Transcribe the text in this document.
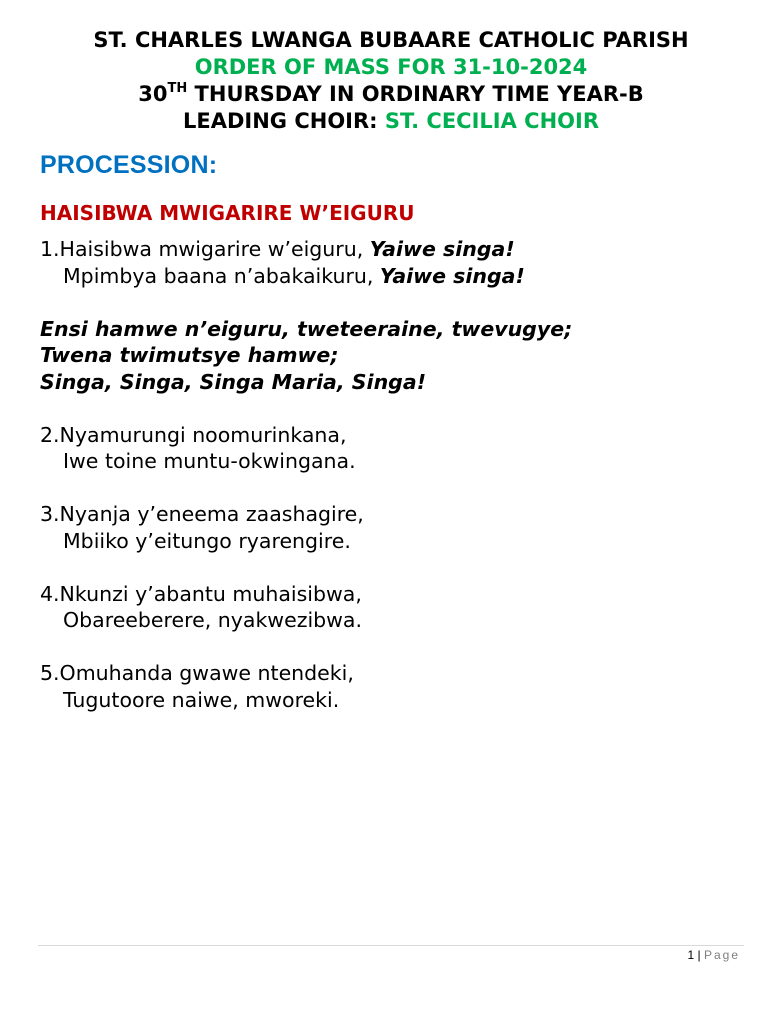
ST. CHARLES LWANGA BUBAARE CATHOLIC PARISH
ORDER OF MASS FOR 31-10-2024
30TH THURSDAY IN ORDINARY TIME YEAR-B
LEADING CHOIR: ST. CECILIA CHOIR
PROCESSION:
HAISIBWA MWIGARIRE W’EIGURU
1.Haisibwa mwigarire w’eiguru, Yaiwe singa!
Mpimbya baana n’abakaikuru, Yaiwe singa!
Ensi hamwe n’eiguru, tweteeraine, twevugye;
Twena twimutsye hamwe;
Singa, Singa, Singa Maria, Singa!
2.Nyamurungi noomurinkana,
Iwe toine muntu-okwingana.
3.Nyanja y’eneema zaashagire,
Mbiiko y’eitungo ryarengire.
4.Nkunzi y’abantu muhaisibwa,
Obareeberere, nyakwezibwa.
5.Omuhanda gwawe ntendeki,
Tugutoore naiwe, mworeki.
1 | Page
